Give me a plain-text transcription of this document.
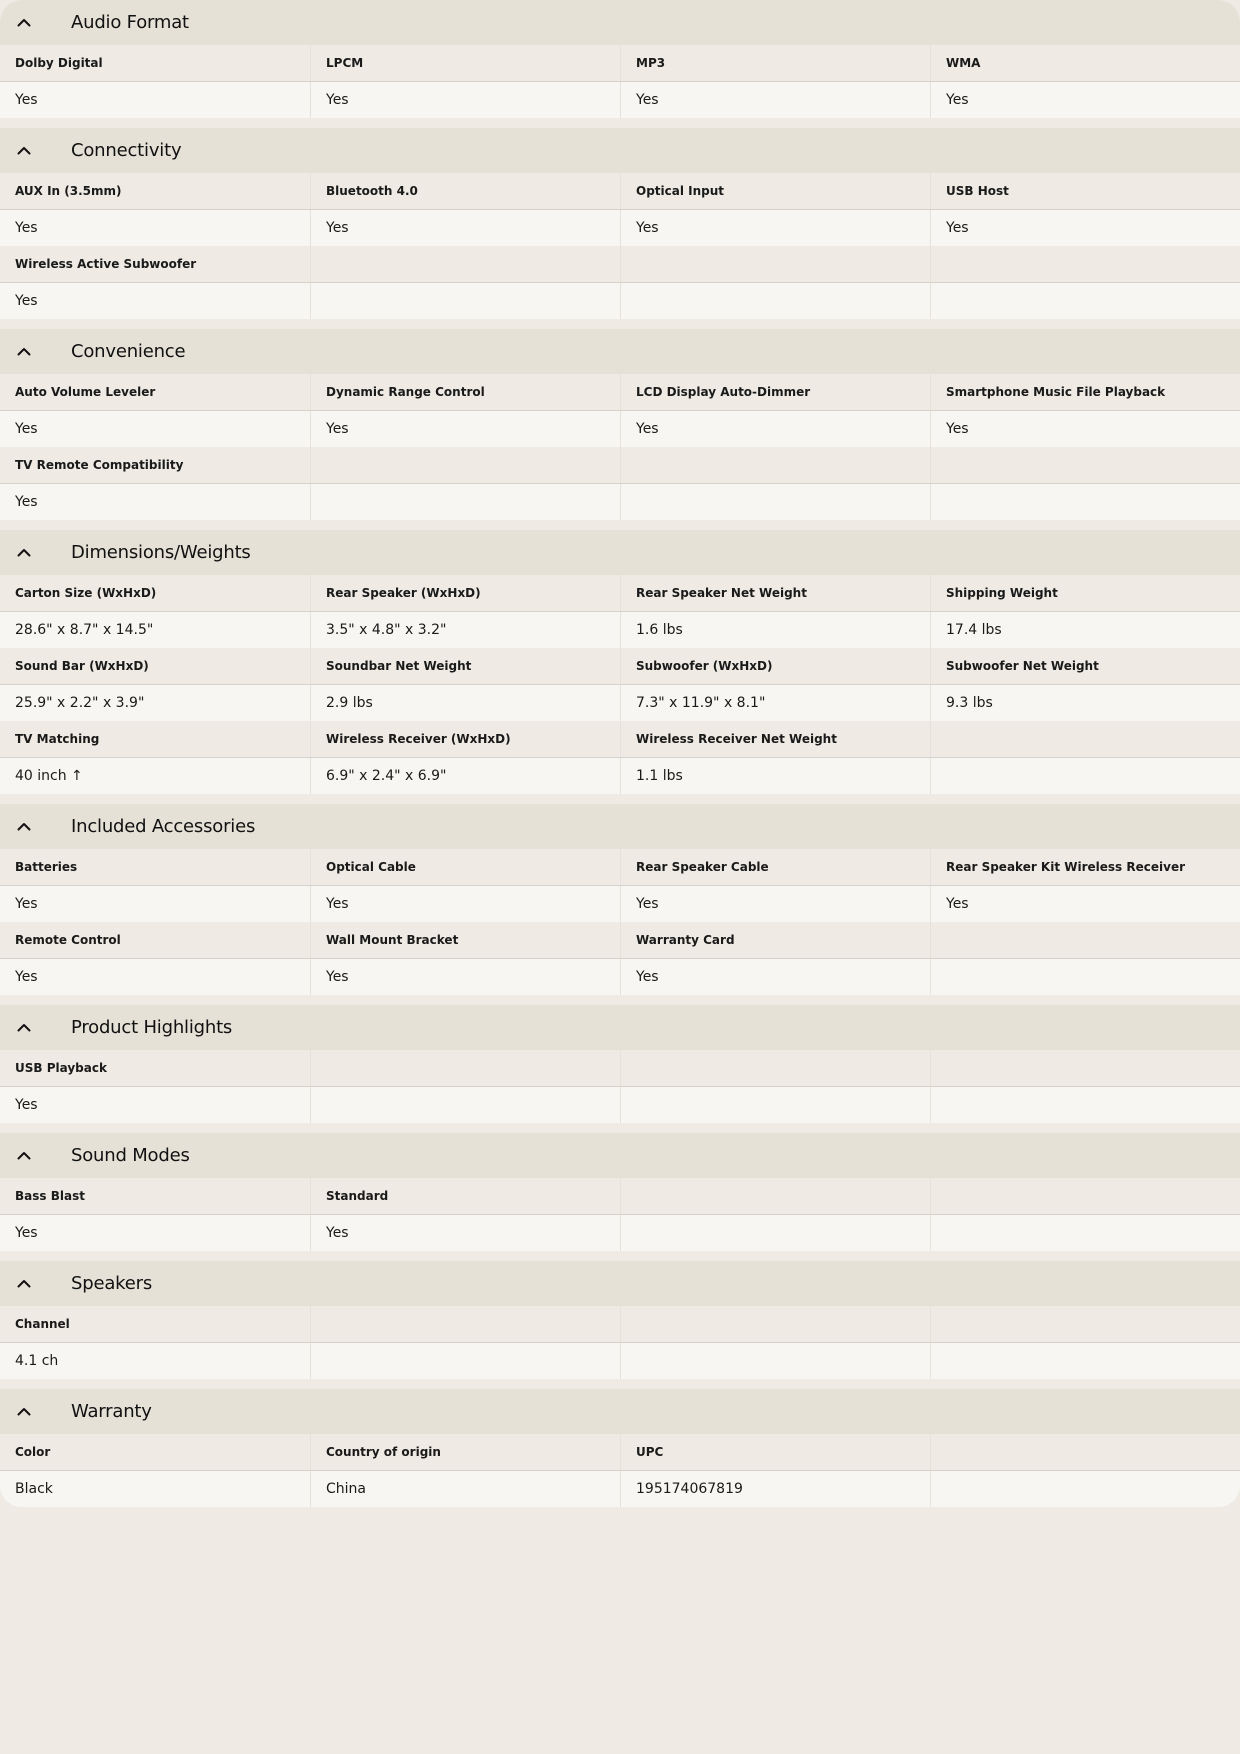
Audio Format
Dolby Digital	LPCM	MP3	WMA
Yes	Yes	Yes	Yes
Connectivity
AUX In (3.5mm)	Bluetooth 4.0	Optical Input	USB Host
Yes	Yes	Yes	Yes
Wireless Active Subwoofer
Yes
Convenience
Auto Volume Leveler	Dynamic Range Control	LCD Display Auto-Dimmer	Smartphone Music File Playback
Yes	Yes	Yes	Yes
TV Remote Compatibility
Yes
Dimensions/Weights
Carton Size (WxHxD)	Rear Speaker (WxHxD)	Rear Speaker Net Weight	Shipping Weight
28.6" x 8.7" x 14.5"	3.5" x 4.8" x 3.2"	1.6 lbs	17.4 lbs
Sound Bar (WxHxD)	Soundbar Net Weight	Subwoofer (WxHxD)	Subwoofer Net Weight
25.9" x 2.2" x 3.9"	2.9 lbs	7.3" x 11.9" x 8.1"	9.3 lbs
TV Matching	Wireless Receiver (WxHxD)	Wireless Receiver Net Weight
40 inch ↑	6.9" x 2.4" x 6.9"	1.1 lbs
Included Accessories
Batteries	Optical Cable	Rear Speaker Cable	Rear Speaker Kit Wireless Receiver
Yes	Yes	Yes	Yes
Remote Control	Wall Mount Bracket	Warranty Card
Yes	Yes	Yes
Product Highlights
USB Playback
Yes
Sound Modes
Bass Blast	Standard
Yes	Yes
Speakers
Channel
4.1 ch
Warranty
Color	Country of origin	UPC
Black	China	195174067819
